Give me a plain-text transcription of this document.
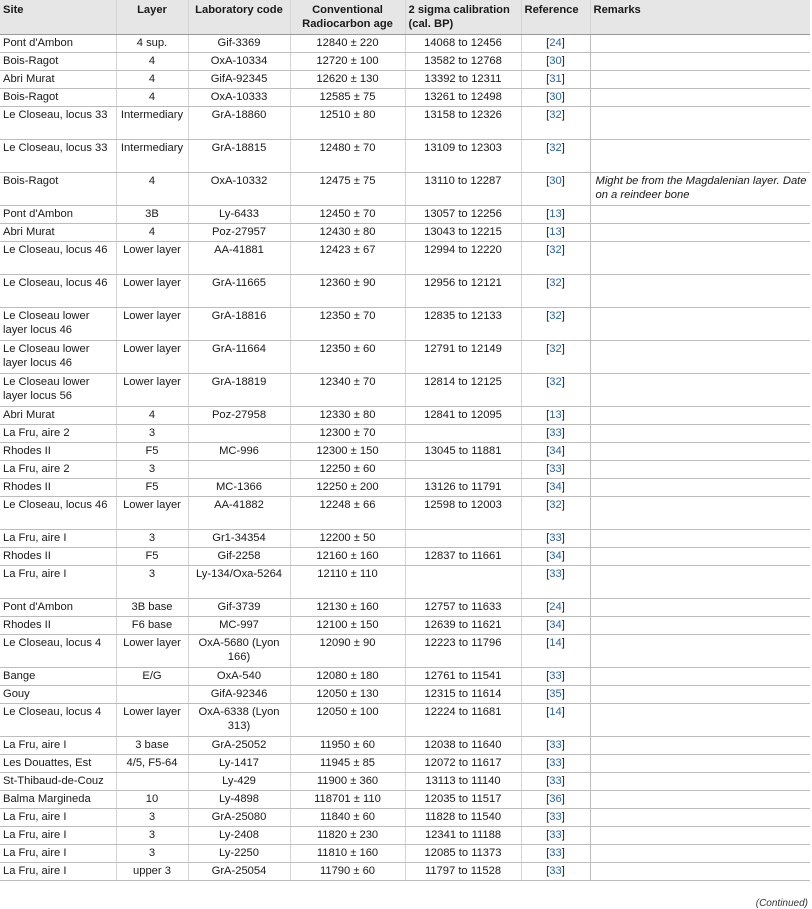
Site	Layer	Laboratory code	Conventional Radiocarbon age	2 sigma calibration (cal. BP)	Reference	Remarks
Pont d'Ambon	4 sup.	Gif-3369	12840 ± 220	14068 to 12456	[24]	
Bois-Ragot	4	OxA-10334	12720 ± 100	13582 to 12768	[30]	
Abri Murat	4	GifA-92345	12620 ± 130	13392 to 12311	[31]	
Bois-Ragot	4	OxA-10333	12585 ± 75	13261 to 12498	[30]	
Le Closeau, locus 33	Intermediary	GrA-18860	12510 ± 80	13158 to 12326	[32]	
Le Closeau, locus 33	Intermediary	GrA-18815	12480 ± 70	13109 to 12303	[32]	
Bois-Ragot	4	OxA-10332	12475 ± 75	13110 to 12287	[30]	Might be from the Magdalenian layer. Date on a reindeer bone
Pont d'Ambon	3B	Ly-6433	12450 ± 70	13057 to 12256	[13]	
Abri Murat	4	Poz-27957	12430 ± 80	13043 to 12215	[13]	
Le Closeau, locus 46	Lower layer	AA-41881	12423 ± 67	12994 to 12220	[32]	
Le Closeau, locus 46	Lower layer	GrA-11665	12360 ± 90	12956 to 12121	[32]	
Le Closeau lower layer locus 46	Lower layer	GrA-18816	12350 ± 70	12835 to 12133	[32]	
Le Closeau lower layer locus 46	Lower layer	GrA-11664	12350 ± 60	12791 to 12149	[32]	
Le Closeau lower layer locus 56	Lower layer	GrA-18819	12340 ± 70	12814 to 12125	[32]	
Abri Murat	4	Poz-27958	12330 ± 80	12841 to 12095	[13]	
La Fru, aire 2	3		12300 ± 70		[33]	
Rhodes II	F5	MC-996	12300 ± 150	13045 to 11881	[34]	
La Fru, aire 2	3		12250 ± 60		[33]	
Rhodes II	F5	MC-1366	12250 ± 200	13126 to 11791	[34]	
Le Closeau, locus 46	Lower layer	AA-41882	12248 ± 66	12598 to 12003	[32]	
La Fru, aire I	3	Gr1-34354	12200 ± 50		[33]	
Rhodes II	F5	Gif-2258	12160 ± 160	12837 to 11661	[34]	
La Fru, aire I	3	Ly-134/Oxa-5264	12110 ± 110		[33]	
Pont d'Ambon	3B base	Gif-3739	12130 ± 160	12757 to 11633	[24]	
Rhodes II	F6 base	MC-997	12100 ± 150	12639 to 11621	[34]	
Le Closeau, locus 4	Lower layer	OxA-5680 (Lyon 166)	12090 ± 90	12223 to 11796	[14]	
Bange	E/G	OxA-540	12080 ± 180	12761 to 11541	[33]	
Gouy		GifA-92346	12050 ± 130	12315 to 11614	[35]	
Le Closeau, locus 4	Lower layer	OxA-6338 (Lyon 313)	12050 ± 100	12224 to 11681	[14]	
La Fru, aire I	3 base	GrA-25052	11950 ± 60	12038 to 11640	[33]	
Les Douattes, Est	4/5, F5-64	Ly-1417	11945 ± 85	12072 to 11617	[33]	
St-Thibaud-de-Couz		Ly-429	11900 ± 360	13113 to 11140	[33]	
Balma Margineda	10	Ly-4898	118701 ± 110	12035 to 11517	[36]	
La Fru, aire I	3	GrA-25080	11840 ± 60	11828 to 11540	[33]	
La Fru, aire I	3	Ly-2408	11820 ± 230	12341 to 11188	[33]	
La Fru, aire I	3	Ly-2250	11810 ± 160	12085 to 11373	[33]	
La Fru, aire I	upper 3	GrA-25054	11790 ± 60	11797 to 11528	[33]	
(Continued)
